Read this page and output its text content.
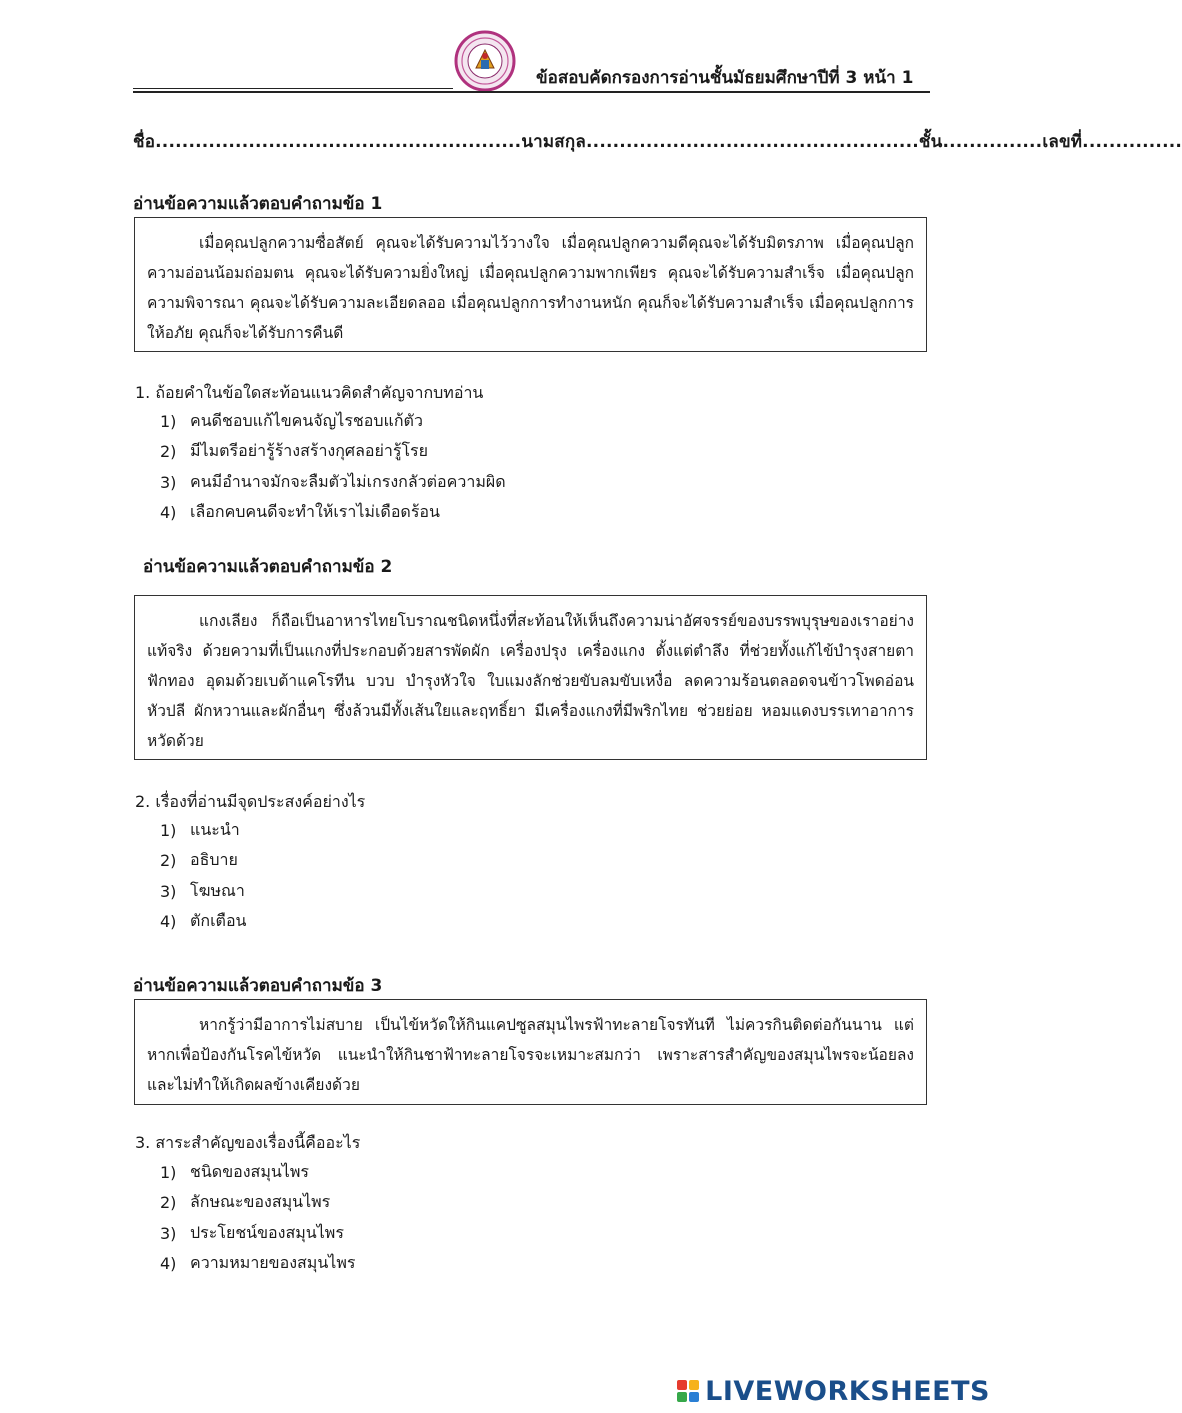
ข้อสอบคัดกรองการอ่านชั้นมัธยมศึกษาปีที่ 3 หน้า 1
ชื่อ.......................................................นามสกุล..................................................ชั้น...............เลขที่...............
อ่านข้อความแล้วตอบคำถามข้อ 1

เมื่อคุณปลูกความซื่อสัตย์ คุณจะได้รับความไว้วางใจ เมื่อคุณปลูกความดีคุณจะได้รับมิตรภาพ เมื่อคุณปลูกความอ่อนน้อมถ่อมตน คุณจะได้รับความยิ่งใหญ่ เมื่อคุณปลูกความพากเพียร คุณจะได้รับความสำเร็จ เมื่อคุณปลูกความพิจารณา คุณจะได้รับความละเอียดลออ เมื่อคุณปลูกการทำงานหนัก คุณก็จะได้รับความสำเร็จ เมื่อคุณปลูกการให้อภัย คุณก็จะได้รับการคืนดี

1. ถ้อยคำในข้อใดสะท้อนแนวคิดสำคัญจากบทอ่าน
1) คนดีชอบแก้ไขคนจัญไรชอบแก้ตัว
2) มีไมตรีอย่ารู้ร้างสร้างกุศลอย่ารู้โรย
3) คนมีอำนาจมักจะลืมตัวไม่เกรงกลัวต่อความผิด
4) เลือกคบคนดีจะทำให้เราไม่เดือดร้อน
อ่านข้อความแล้วตอบคำถามข้อ 2

แกงเลียง ก็ถือเป็นอาหารไทยโบราณชนิดหนึ่งที่สะท้อนให้เห็นถึงความน่าอัศจรรย์ของบรรพบุรุษของเราอย่างแท้จริง ด้วยความที่เป็นแกงที่ประกอบด้วยสารพัดผัก เครื่องปรุง เครื่องแกง ตั้งแต่ตำลึง ที่ช่วยทั้งแก้ไข้บำรุงสายตา ฟักทอง อุดมด้วยเบต้าแคโรทีน บวบ บำรุงหัวใจ ใบแมงลักช่วยขับลมขับเหงื่อ ลดความร้อนตลอดจนข้าวโพดอ่อน หัวปลี ผักหวานและผักอื่นๆ ซึ่งล้วนมีทั้งเส้นใยและฤทธิ์ยา มีเครื่องแกงที่มีพริกไทย ช่วยย่อย หอมแดงบรรเทาอาการหวัดด้วย

2. เรื่องที่อ่านมีจุดประสงค์อย่างไร
1) แนะนำ
2) อธิบาย
3) โฆษณา
4) ตักเตือน
อ่านข้อความแล้วตอบคำถามข้อ 3

หากรู้ว่ามีอาการไม่สบาย เป็นไข้หวัดให้กินแคปซูลสมุนไพรฟ้าทะลายโจรทันที ไม่ควรกินติดต่อกันนาน แต่หากเพื่อป้องกันโรคไข้หวัด แนะนำให้กินชาฟ้าทะลายโจรจะเหมาะสมกว่า เพราะสารสำคัญของสมุนไพรจะน้อยลง และไม่ทำให้เกิดผลข้างเคียงด้วย

3. สาระสำคัญของเรื่องนี้คืออะไร
1) ชนิดของสมุนไพร
2) ลักษณะของสมุนไพร
3) ประโยชน์ของสมุนไพร
4) ความหมายของสมุนไพร
LIVEWORKSHEETS
